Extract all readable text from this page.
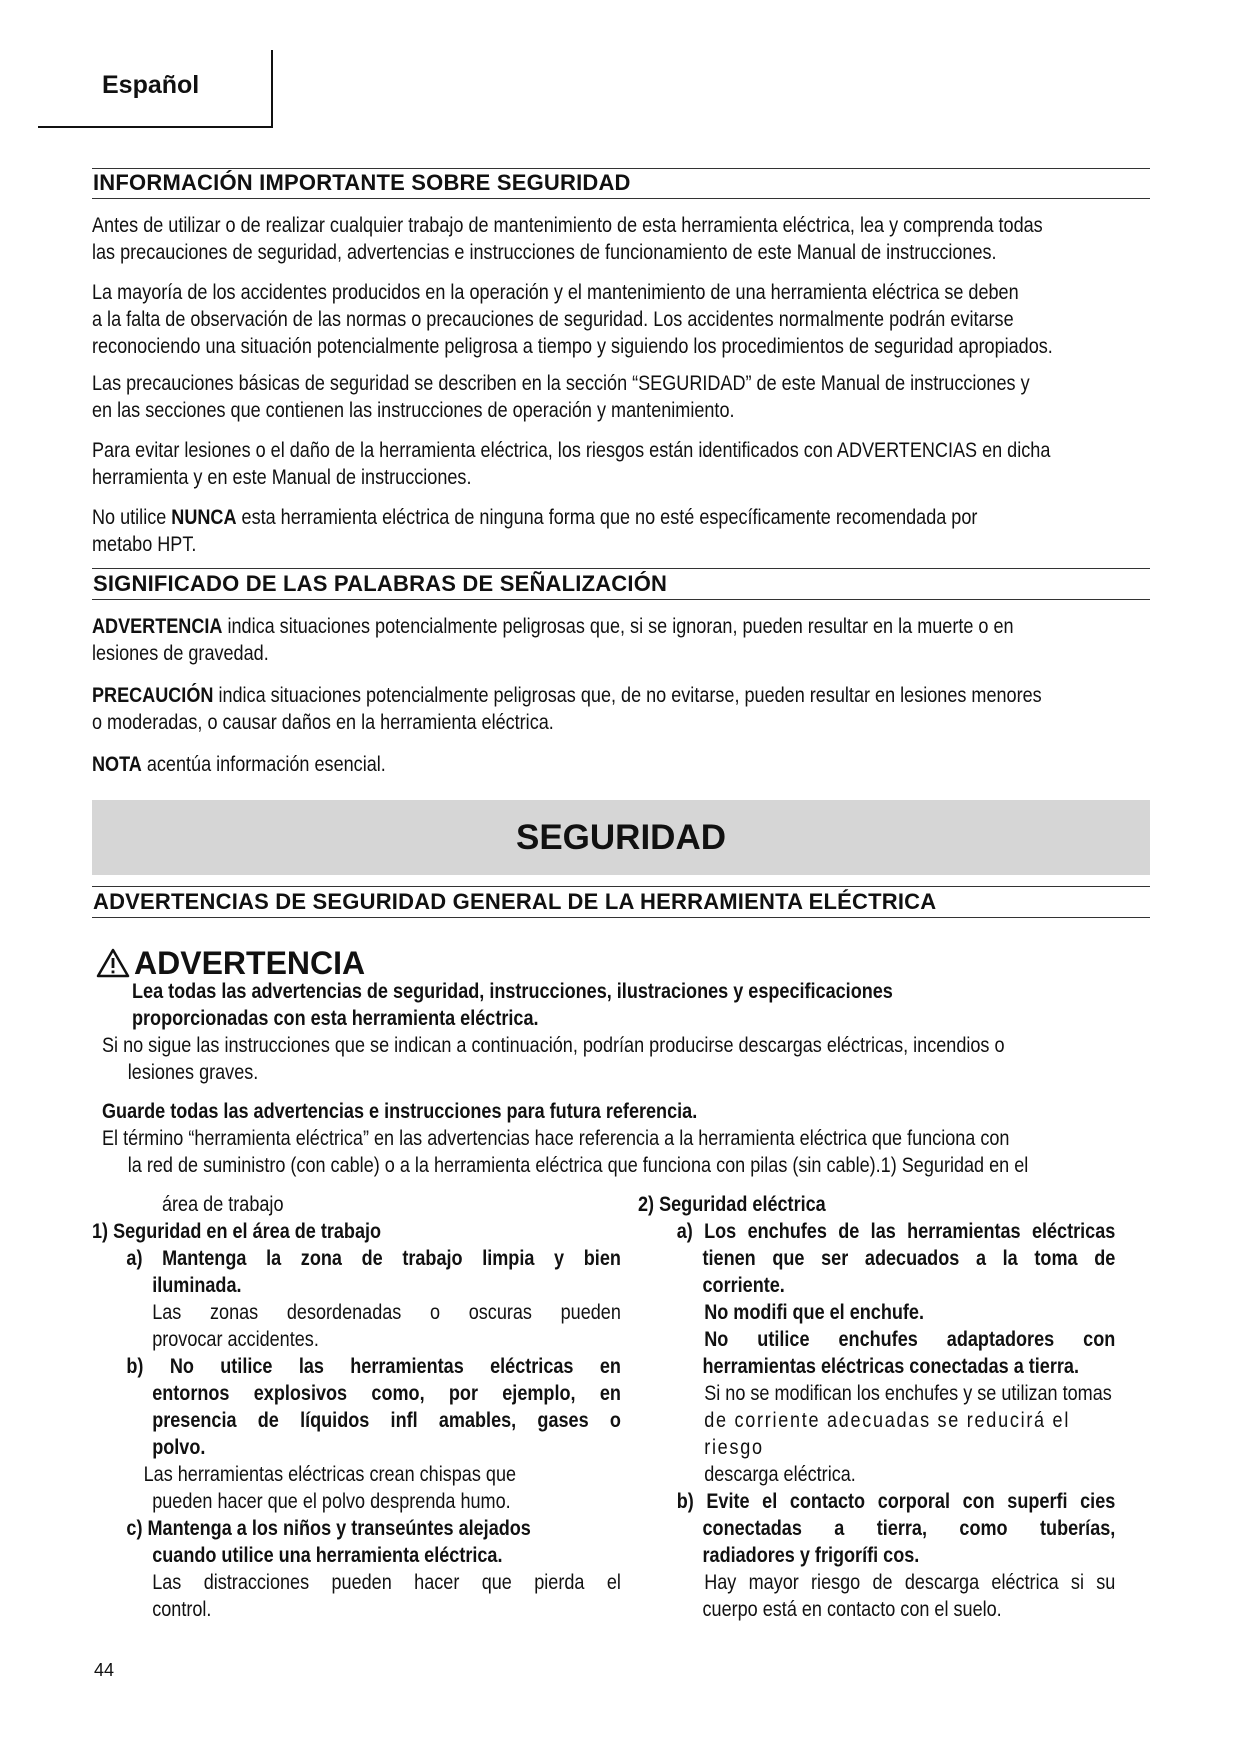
Español
INFORMACIÓN IMPORTANTE SOBRE SEGURIDAD
Antes de utilizar o de realizar cualquier trabajo de mantenimiento de esta herramienta eléctrica, lea y comprenda todas
las precauciones de seguridad, advertencias e instrucciones de funcionamiento de este Manual de instrucciones.
La mayoría de los accidentes producidos en la operación y el mantenimiento de una herramienta eléctrica se deben
a la falta de observación de las normas o precauciones de seguridad. Los accidentes normalmente podrán evitarse
reconociendo una situación potencialmente peligrosa a tiempo y siguiendo los procedimientos de seguridad apropiados.
Las precauciones básicas de seguridad se describen en la sección “SEGURIDAD” de este Manual de instrucciones y
en las secciones que contienen las instrucciones de operación y mantenimiento.
Para evitar lesiones o el daño de la herramienta eléctrica, los riesgos están identificados con ADVERTENCIAS en dicha
herramienta y en este Manual de instrucciones.
No utilice NUNCA esta herramienta eléctrica de ninguna forma que no esté específicamente recomendada por
metabo HPT.
SIGNIFICADO DE LAS PALABRAS DE SEÑALIZACIÓN
ADVERTENCIA indica situaciones potencialmente peligrosas que, si se ignoran, pueden resultar en la muerte o en
lesiones de gravedad.
PRECAUCIÓN indica situaciones potencialmente peligrosas que, de no evitarse, pueden resultar en lesiones menores
o moderadas, o causar daños en la herramienta eléctrica.
NOTA acentúa información esencial.
SEGURIDAD
ADVERTENCIAS DE SEGURIDAD GENERAL DE LA HERRAMIENTA ELÉCTRICA
ADVERTENCIA
Lea todas las advertencias de seguridad, instrucciones, ilustraciones y especificaciones
proporcionadas con esta herramienta eléctrica.
Si no sigue las instrucciones que se indican a continuación, podrían producirse descargas eléctricas, incendios o
lesiones graves.
Guarde todas las advertencias e instrucciones para futura referencia.
El término “herramienta eléctrica” en las advertencias hace referencia a la herramienta eléctrica que funciona con
la red de suministro (con cable) o a la herramienta eléctrica que funciona con pilas (sin cable).1) Seguridad en el
área de trabajo
1) Seguridad en el área de trabajo
a) Mantenga la zona de trabajo limpia y bien
iluminada.
Las zonas desordenadas o oscuras pueden
provocar accidentes.
b) No utilice las herramientas eléctricas en
entornos explosivos como, por ejemplo, en
presencia de líquidos infl amables, gases o
polvo.
Las herramientas eléctricas crean chispas que
pueden hacer que el polvo desprenda humo.
c) Mantenga a los niños y transeúntes alejados
cuando utilice una herramienta eléctrica.
Las distracciones pueden hacer que pierda el
control.
2) Seguridad eléctrica
a) Los enchufes de las herramientas eléctricas
tienen que ser adecuados a la toma de
corriente.
No modifi que el enchufe.
No utilice enchufes adaptadores con
herramientas eléctricas conectadas a tierra.
Si no se modifican los enchufes y se utilizan tomas
de corriente adecuadas se reducirá el riesgo
descarga eléctrica.
b) Evite el contacto corporal con superfi cies
conectadas a tierra, como tuberías,
radiadores y frigorífi cos.
Hay mayor riesgo de descarga eléctrica si su
cuerpo está en contacto con el suelo.
44
